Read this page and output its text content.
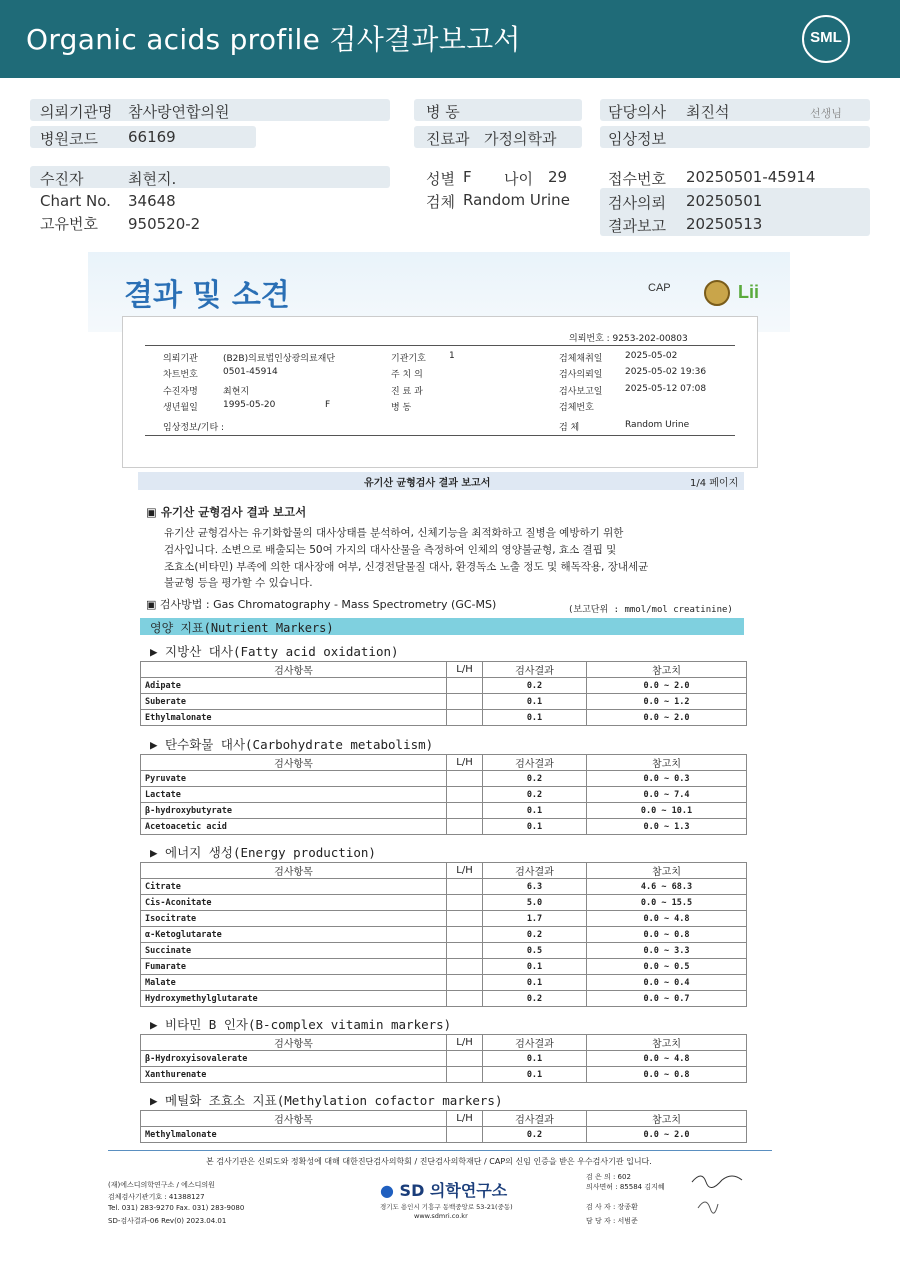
Organic acids profile 검사결과보고서	SML
의뢰기관명 참사랑연합의원
병원코드 66169
병 동
진료과 가정의학과
담당의사 최진석	선생님
임상정보
수진자	최현지.
Chart No. 34648
고유번호 950520-2
성별 F 나이 29
검체 Random Urine
접수번호 20250501-45914
검사의뢰 20250501
결과보고 20250513
결과 및 소견	CAP	Lii
의뢰번호 : 9253-202-00803
의뢰기관	(B2B)의료법인상광의료재단	기관기호	1	검체채취일	2025-05-02
차트번호	0501-45914	주 치 의	검사의뢰일	2025-05-02 19:36
수진자명	최현지	진 료 과	검사보고일	2025-05-12 07:08
생년월일	1995-05-20	F	병 동	검체번호
임상정보/기타 :	검 체	Random Urine
유기산 균형검사 결과 보고서	1/4 페이지
▣ 유기산 균형검사 결과 보고서
유기산 균형검사는 유기화합물의 대사상태를 분석하여, 신체기능을 최적화하고 질병을 예방하기 위한
검사입니다. 소변으로 배출되는 50여 가지의 대사산물을 측정하여 인체의 영양불균형, 효소 결핍 및
조효소(비타민) 부족에 의한 대사장애 여부, 신경전달물질 대사, 환경독소 노출 정도 및 해독작용, 장내세균
불균형 등을 평가할 수 있습니다.
▣ 검사방법 : Gas Chromatography - Mass Spectrometry (GC-MS)	(보고단위 : mmol/mol creatinine)
영양 지표(Nutrient Markers)
▶ 지방산 대사(Fatty acid oxidation)
검사항목	L/H	검사결과	참고치
Adipate		0.2	0.0 ~ 2.0
Suberate		0.1	0.0 ~ 1.2
Ethylmalonate		0.1	0.0 ~ 2.0
▶ 탄수화물 대사(Carbohydrate metabolism)
검사항목	L/H	검사결과	참고치
Pyruvate		0.2	0.0 ~ 0.3
Lactate		0.2	0.0 ~ 7.4
β-hydroxybutyrate		0.1	0.0 ~ 10.1
Acetoacetic acid		0.1	0.0 ~ 1.3
▶ 에너지 생성(Energy production)
검사항목	L/H	검사결과	참고치
Citrate		6.3	4.6 ~ 68.3
Cis-Aconitate		5.0	0.0 ~ 15.5
Isocitrate		1.7	0.0 ~ 4.8
α-Ketoglutarate		0.2	0.0 ~ 0.8
Succinate		0.5	0.0 ~ 3.3
Fumarate		0.1	0.0 ~ 0.5
Malate		0.1	0.0 ~ 0.4
Hydroxymethylglutarate		0.2	0.0 ~ 0.7
▶ 비타민 B 인자(B-complex vitamin markers)
검사항목	L/H	검사결과	참고치
β-Hydroxyisovalerate		0.1	0.0 ~ 4.8
Xanthurenate		0.1	0.0 ~ 0.8
▶ 메틸화 조효소 지표(Methylation cofactor markers)
검사항목	L/H	검사결과	참고치
Methylmalonate		0.2	0.0 ~ 2.0
본 검사기관은 신뢰도와 정확성에 대해 대한진단검사의학회 / 진단검사의학재단 / CAP의 신임 인증을 받은 우수검사기관 입니다.
(재)에스디의학연구소 / 에스디의원
검체검사기관기호 : 41388127
Tel. 031) 283-9270 Fax. 031) 283-9080
SD-검사결과-06 Rev(0) 2023.04.01
● SD 의학연구소
경기도 용인시 기흥구 동백중앙로 53-21(중동)
www.sdmri.co.kr
검 은 의 : 602
의사면허 : 85584 김지혜
검 사 자 : 장종환
담 당 자 : 서범준
